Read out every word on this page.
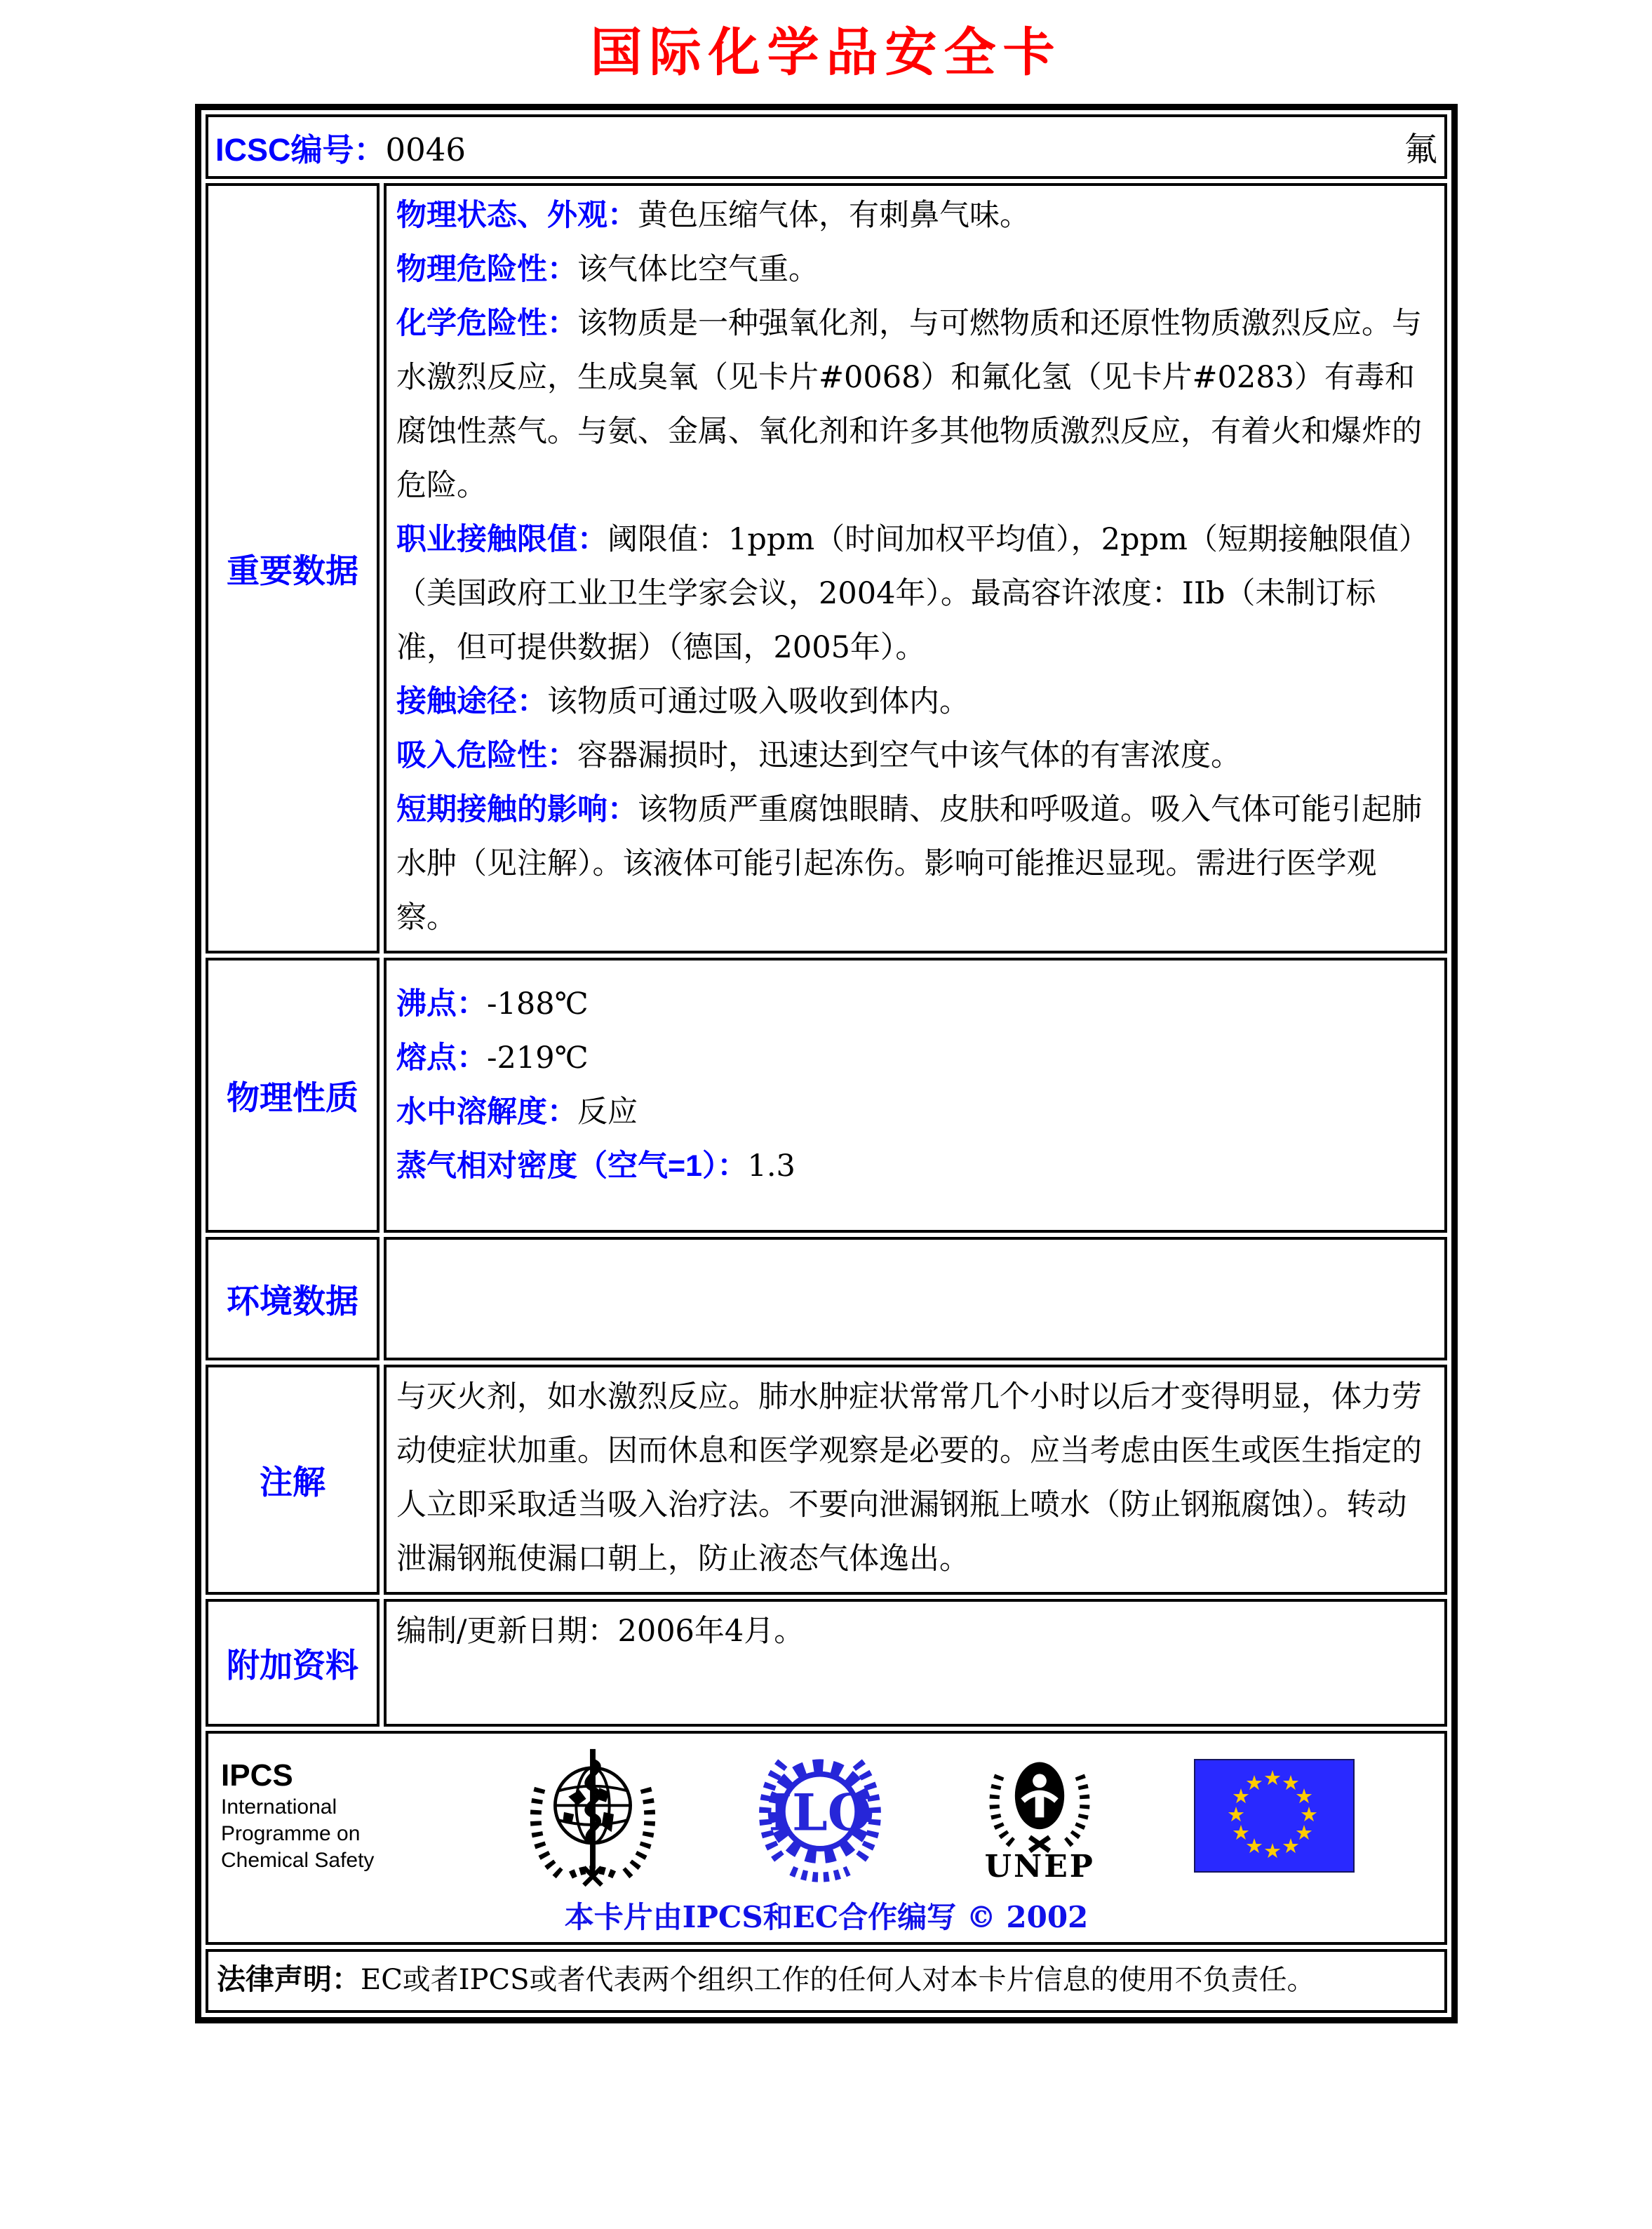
国际化学品安全卡
ICSC编号：0046 氟	

重要数据	
物理状态、外观：黄色压缩气体，有刺鼻气味。
物理危险性：该气体比空气重。
化学危险性：该物质是一种强氧化剂，与可燃物质和还原性物质激烈反应。与水激烈反应，生成臭氧（见卡片#0068）和氟化氢（见卡片#0283）有毒和腐蚀性蒸气。与氨、金属、氧化剂和许多其他物质激烈反应，有着火和爆炸的危险。
职业接触限值：阈限值：1ppm（时间加权平均值），2ppm（短期接触限值）（美国政府工业卫生学家会议，2004年）。最高容许浓度：IIb（未制订标准，但可提供数据）（德国，2005年）。
接触途径：该物质可通过吸入吸收到体内。
吸入危险性：容器漏损时，迅速达到空气中该气体的有害浓度。
短期接触的影响：该物质严重腐蚀眼睛、皮肤和呼吸道。吸入气体可能引起肺水肿（见注解）。该液体可能引起冻伤。影响可能推迟显现。需进行医学观察。

物理性质	沸点：-188℃
熔点：-219℃
水中溶解度：反应
蒸气相对密度（空气=1）：1.3

环境数据	
注解	与灭火剂，如水激烈反应。肺水肿症状常常几个小时以后才变得明显，体力劳动使症状加重。因而休息和医学观察是必要的。应当考虑由医生或医生指定的人立即采取适当吸入治疗法。不要向泄漏钢瓶上喷水（防止钢瓶腐蚀）。转动泄漏钢瓶使漏口朝上，防止液态气体逸出。

附加资料	编制/更新日期：2006年4月。

IPCS
International
Programme on
Chemical Safety
ILO
UNEP
★ ★
★
★
★
★
★
★
★
★
★
★
本卡片由IPCS和EC合作编写 © 2002

法律声明：EC或者IPCS或者代表两个组织工作的任何人对本卡片信息的使用不负责任。	
